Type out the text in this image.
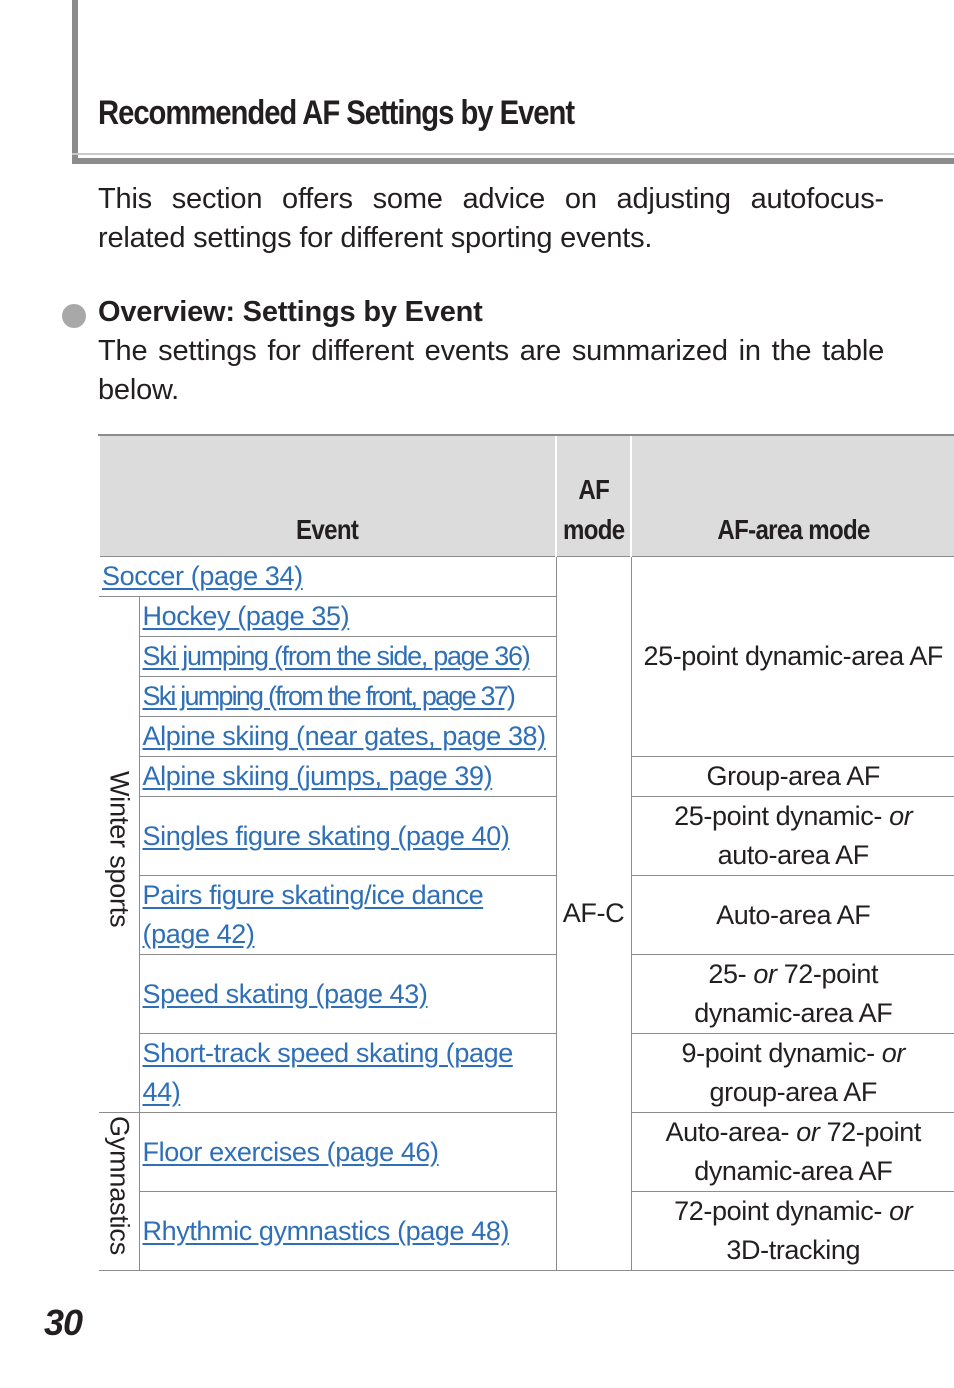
Recommended AF Settings by Event

This section offers some advice on adjusting autofocus-related settings for different sporting events.

Overview: Settings by Event

The settings for different events are summarized in the table below.

Event		AF
mode	AF-area mode
Soccer (page 34)		AF-C	25-point dynamic-area AF
Winter sports	Hockey (page 35)		
	Ski jumping (from the side, page 36)		
	Ski jumping (from the front, page 37)		
	Alpine skiing (near gates, page 38)		
	Alpine skiing (jumps, page 39)		Group-area AF
	Singles figure skating (page 40)		25-point dynamic- or
auto-area AF
	Pairs figure skating/ice dance (page 42)		Auto-area AF
	Speed skating (page 43)		25- or 72-point
dynamic-area AF
	Short-track speed skating (page 44)		9-point dynamic- or
group-area AF
Gymnastics	Floor exercises (page 46)		Auto-area- or 72-point
dynamic-area AF
	Rhythmic gymnastics (page 48)		72-point dynamic- or
3D-tracking

30
